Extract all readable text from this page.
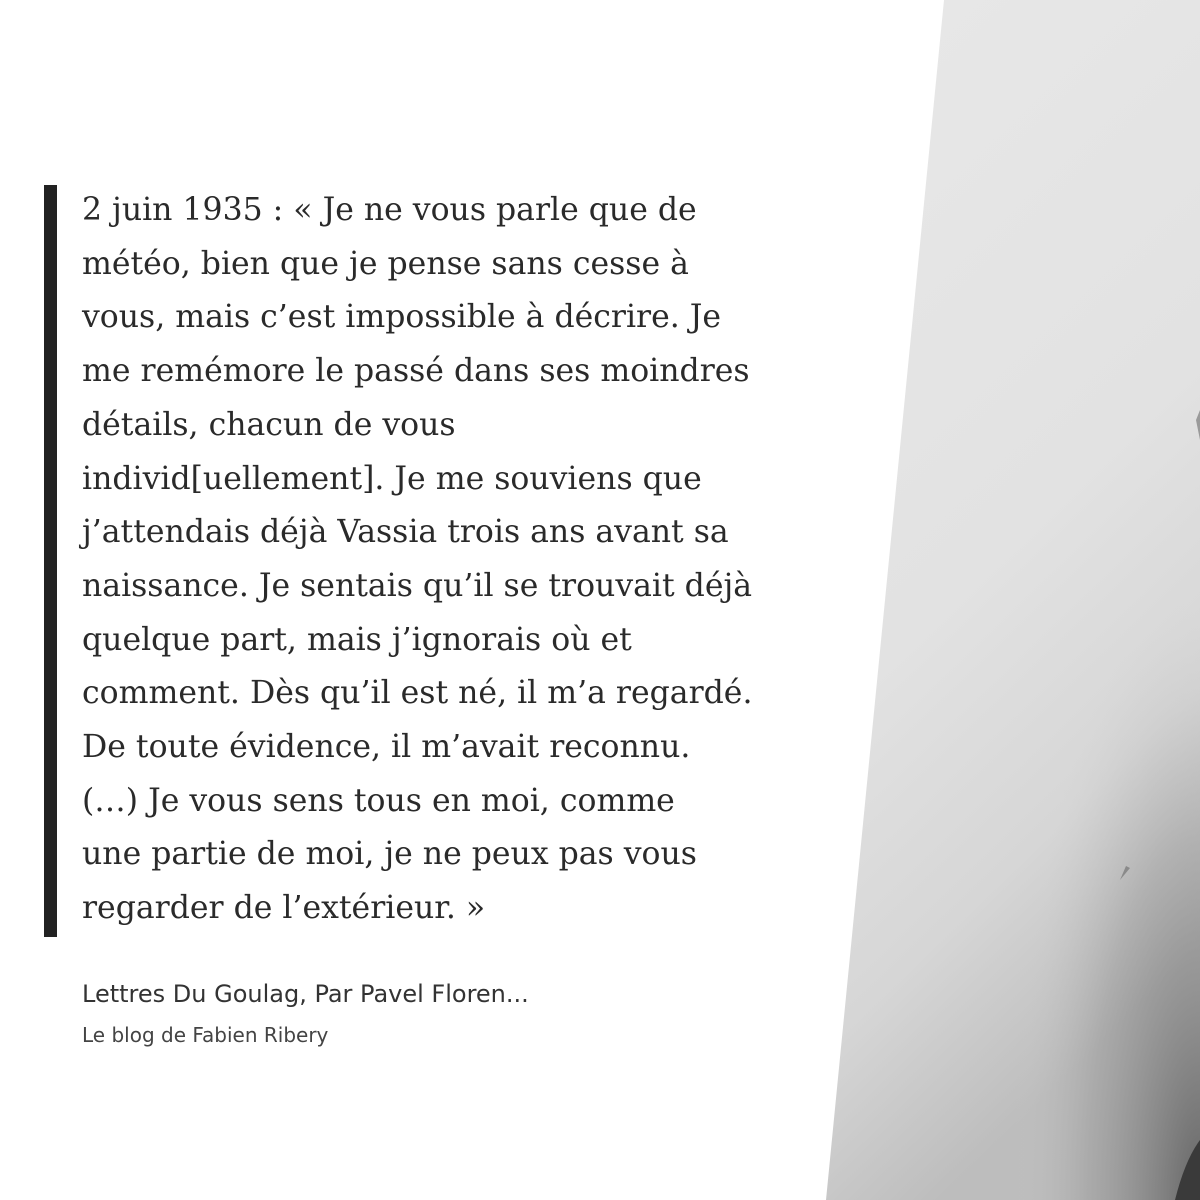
2 juin 1935 : « Je ne vous parle que de
météo, bien que je pense sans cesse à
vous, mais c’est impossible à décrire. Je
me remémore le passé dans ses moindres
détails, chacun de vous
individ[uellement]. Je me souviens que
j’attendais déjà Vassia trois ans avant sa
naissance. Je sentais qu’il se trouvait déjà
quelque part, mais j’ignorais où et
comment. Dès qu’il est né, il m’a regardé.
De toute évidence, il m’avait reconnu.
(…) Je vous sens tous en moi, comme
une partie de moi, je ne peux pas vous
regarder de l’extérieur. »
Lettres Du Goulag, Par Pavel Floren...
Le blog de Fabien Ribery
